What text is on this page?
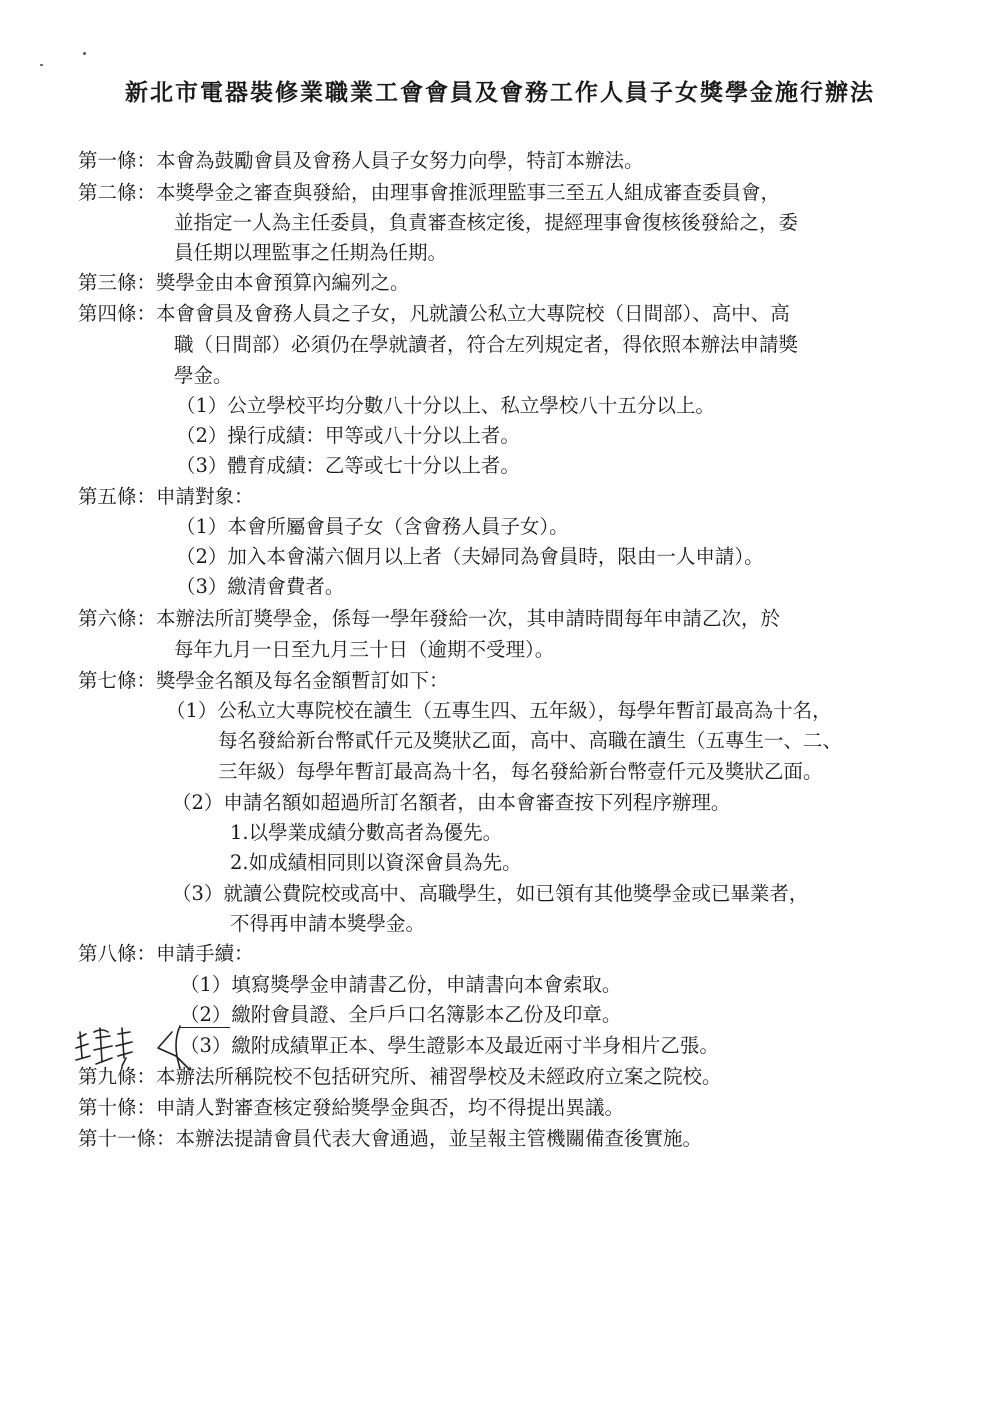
新北市電器裝修業職業工會會員及會務工作人員子女獎學金施行辦法
第一條：本會為鼓勵會員及會務人員子女努力向學，特訂本辦法。
第二條：本獎學金之審查與發給，由理事會推派理監事三至五人組成審查委員會，
並指定一人為主任委員，負責審查核定後，提經理事會復核後發給之，委
員任期以理監事之任期為任期。
第三條：獎學金由本會預算內編列之。
第四條：本會會員及會務人員之子女，凡就讀公私立大專院校（日間部）、高中、高
職（日間部）必須仍在學就讀者，符合左列規定者，得依照本辦法申請獎
學金。
（1）公立學校平均分數八十分以上、私立學校八十五分以上。
（2）操行成績：甲等或八十分以上者。
（3）體育成績：乙等或七十分以上者。
第五條：申請對象：
（1）本會所屬會員子女（含會務人員子女）。
（2）加入本會滿六個月以上者（夫婦同為會員時，限由一人申請）。
（3）繳清會費者。
第六條：本辦法所訂獎學金，係每一學年發給一次，其申請時間每年申請乙次，於
每年九月一日至九月三十日（逾期不受理）。
第七條：獎學金名額及每名金額暫訂如下：
（1）公私立大專院校在讀生（五專生四、五年級），每學年暫訂最高為十名，
每名發給新台幣貳仟元及獎狀乙面，高中、高職在讀生（五專生一、二、
三年級）每學年暫訂最高為十名，每名發給新台幣壹仟元及獎狀乙面。
（2）申請名額如超過所訂名額者，由本會審查按下列程序辦理。
1.以學業成績分數高者為優先。
2.如成績相同則以資深會員為先。
（3）就讀公費院校或高中、高職學生，如已領有其他獎學金或已畢業者，
不得再申請本獎學金。
第八條：申請手續：
（1）填寫獎學金申請書乙份，申請書向本會索取。
（2）繳附會員證、全戶戶口名簿影本乙份及印章。
（3）繳附成績單正本、學生證影本及最近兩寸半身相片乙張。
第九條：本辦法所稱院校不包括研究所、補習學校及未經政府立案之院校。
第十條：申請人對審查核定發給獎學金與否，均不得提出異議。
第十一條：本辦法提請會員代表大會通過，並呈報主管機關備查後實施。
